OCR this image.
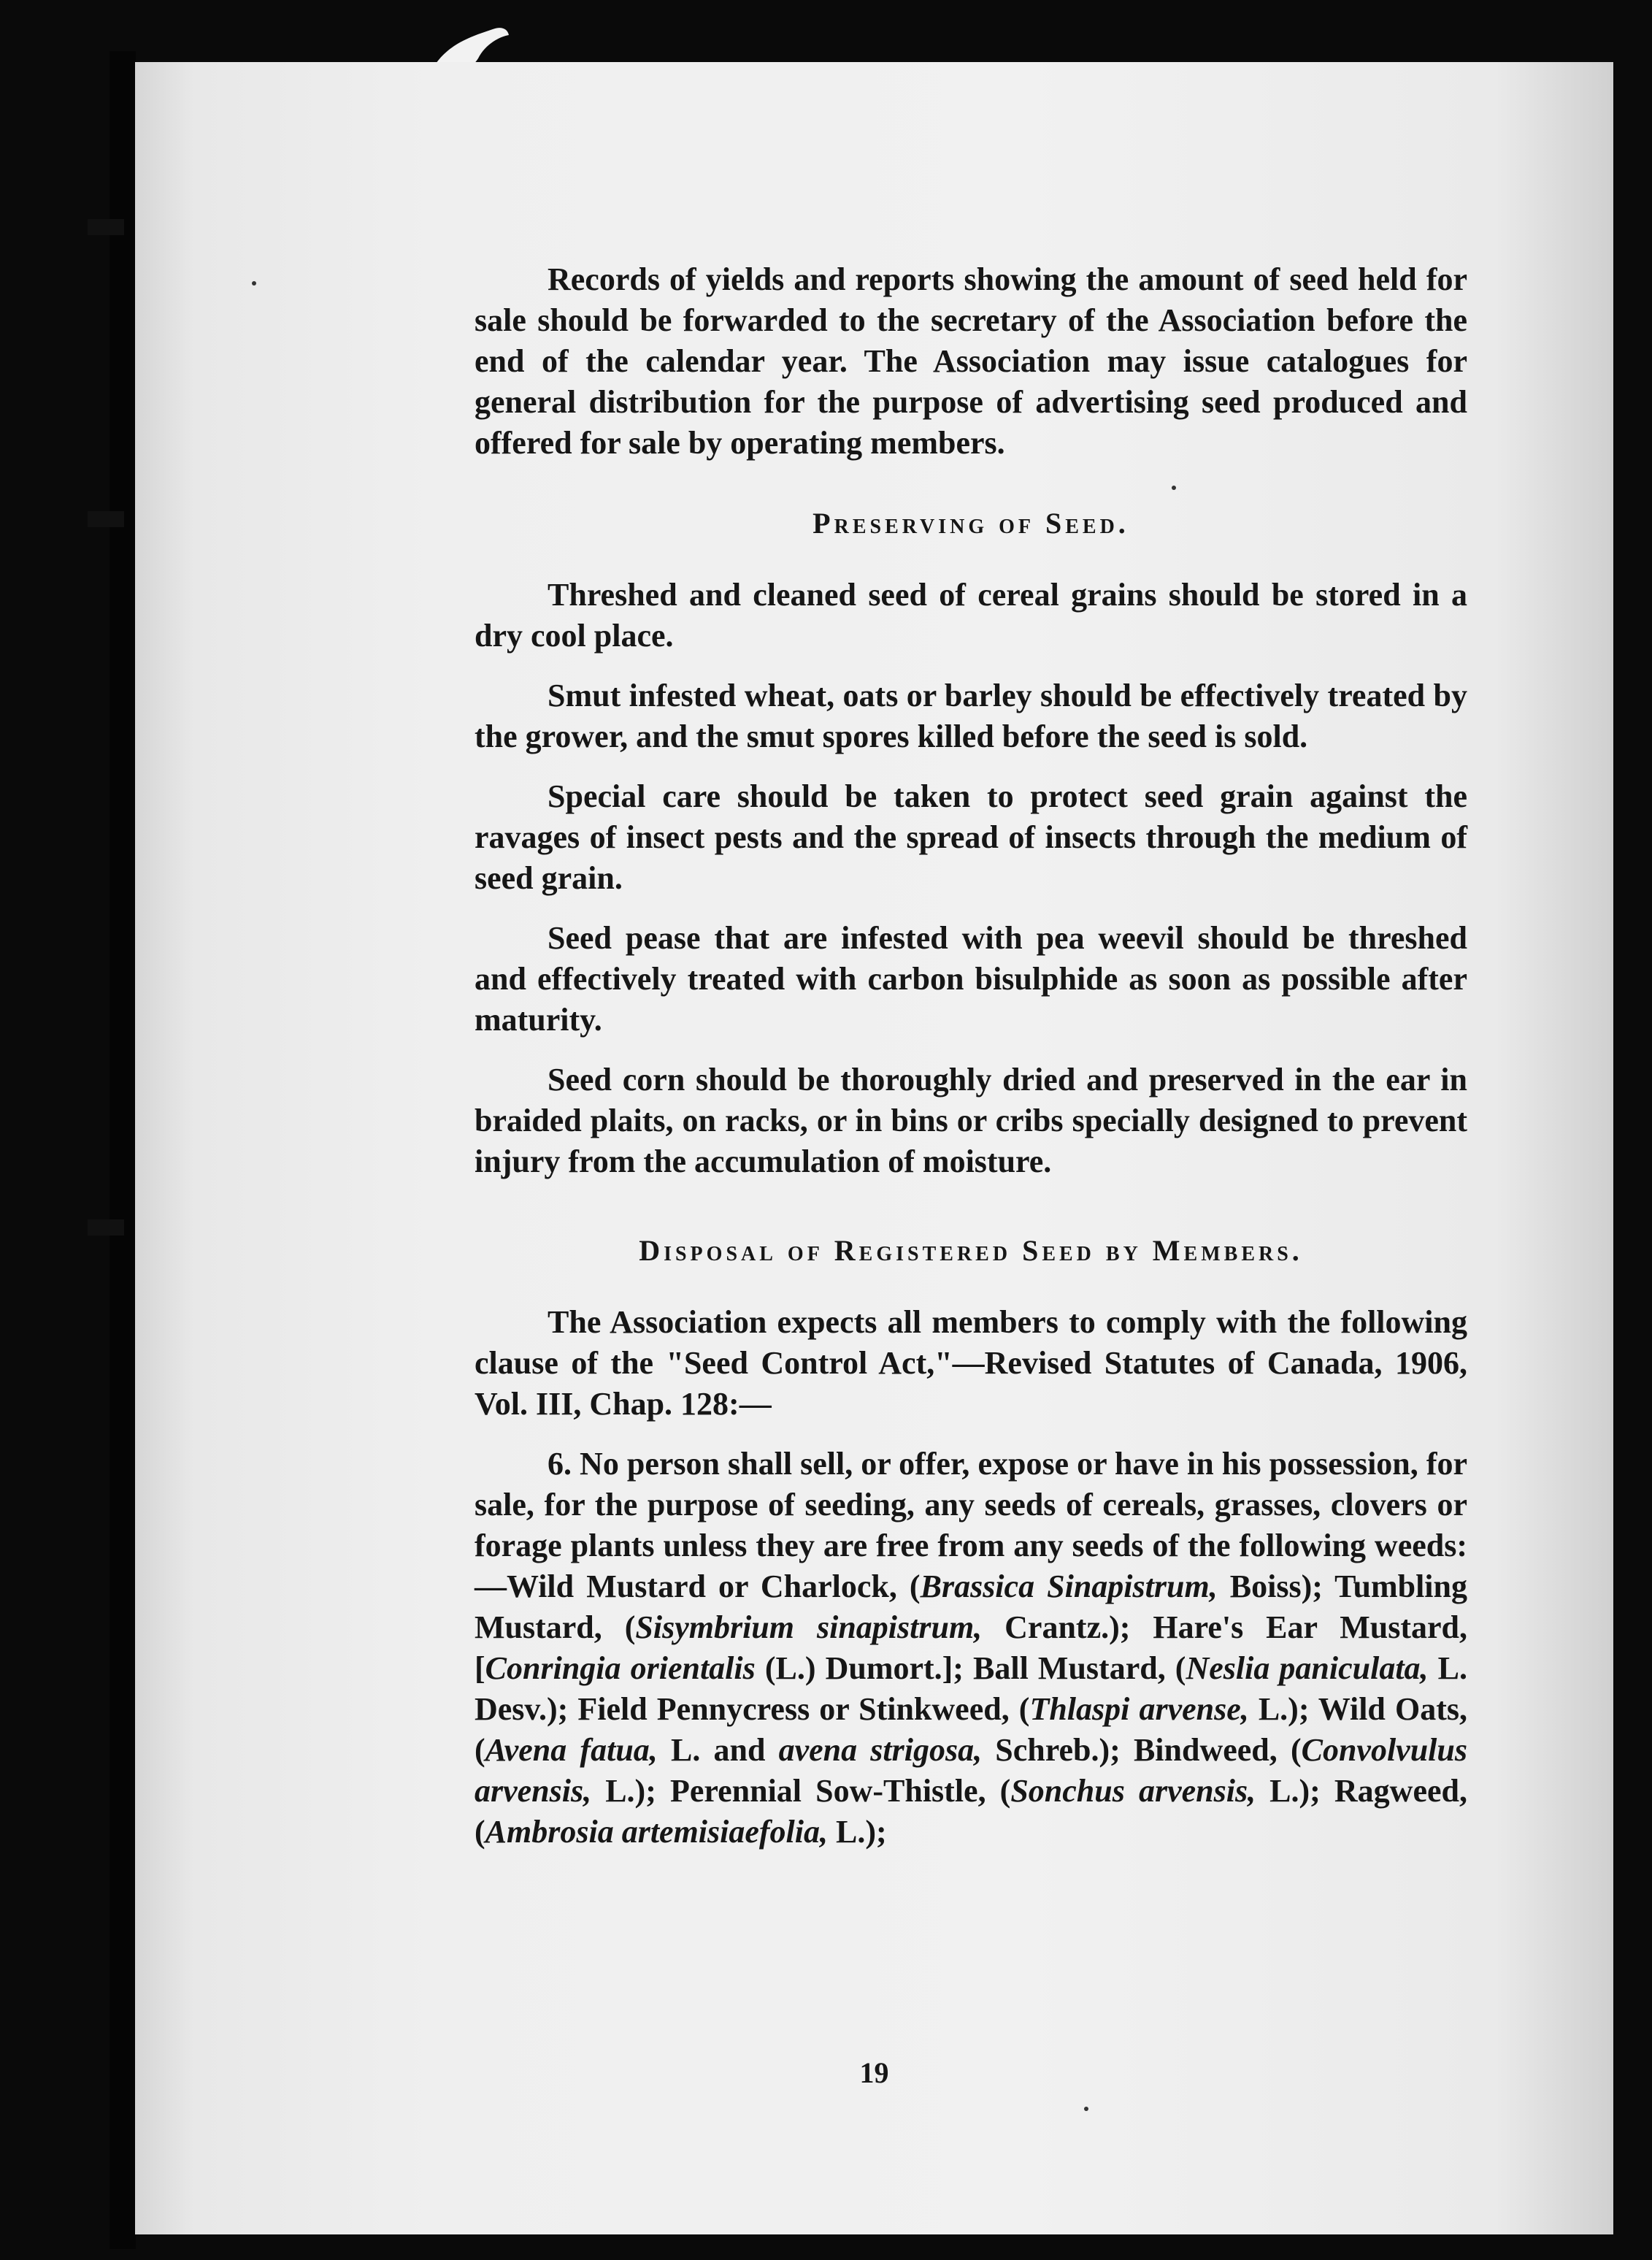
Records of yields and reports showing the amount of seed held for sale should be forwarded to the secretary of the Association before the end of the calendar year. The Association may issue catalogues for general distribution for the purpose of advertising seed produced and offered for sale by operating members.

Preserving of Seed.

Threshed and cleaned seed of cereal grains should be stored in a dry cool place.

Smut infested wheat, oats or barley should be effectively treated by the grower, and the smut spores killed before the seed is sold.

Special care should be taken to protect seed grain against the ravages of insect pests and the spread of insects through the medium of seed grain.

Seed pease that are infested with pea weevil should be threshed and effectively treated with carbon bisulphide as soon as possible after maturity.

Seed corn should be thoroughly dried and preserved in the ear in braided plaits, on racks, or in bins or cribs specially designed to prevent injury from the accumulation of moisture.

Disposal of Registered Seed by Members.

The Association expects all members to comply with the following clause of the "Seed Control Act,"—Revised Statutes of Canada, 1906, Vol. III, Chap. 128:—

6. No person shall sell, or offer, expose or have in his possession, for sale, for the purpose of seeding, any seeds of cereals, grasses, clovers or forage plants unless they are free from any seeds of the following weeds:—Wild Mustard or Charlock, (Brassica Sinapistrum, Boiss); Tumbling Mustard, (Sisymbrium sinapistrum, Crantz.); Hare's Ear Mustard, [Conringia orientalis (L.) Dumort.]; Ball Mustard, (Neslia paniculata, L. Desv.); Field Pennycress or Stinkweed, (Thlaspi arvense, L.); Wild Oats, (Avena fatua, L. and avena strigosa, Schreb.); Bindweed, (Convolvulus arvensis, L.); Perennial Sow-Thistle, (Sonchus arvensis, L.); Ragweed, (Ambrosia artemisiaefolia, L.);

19
